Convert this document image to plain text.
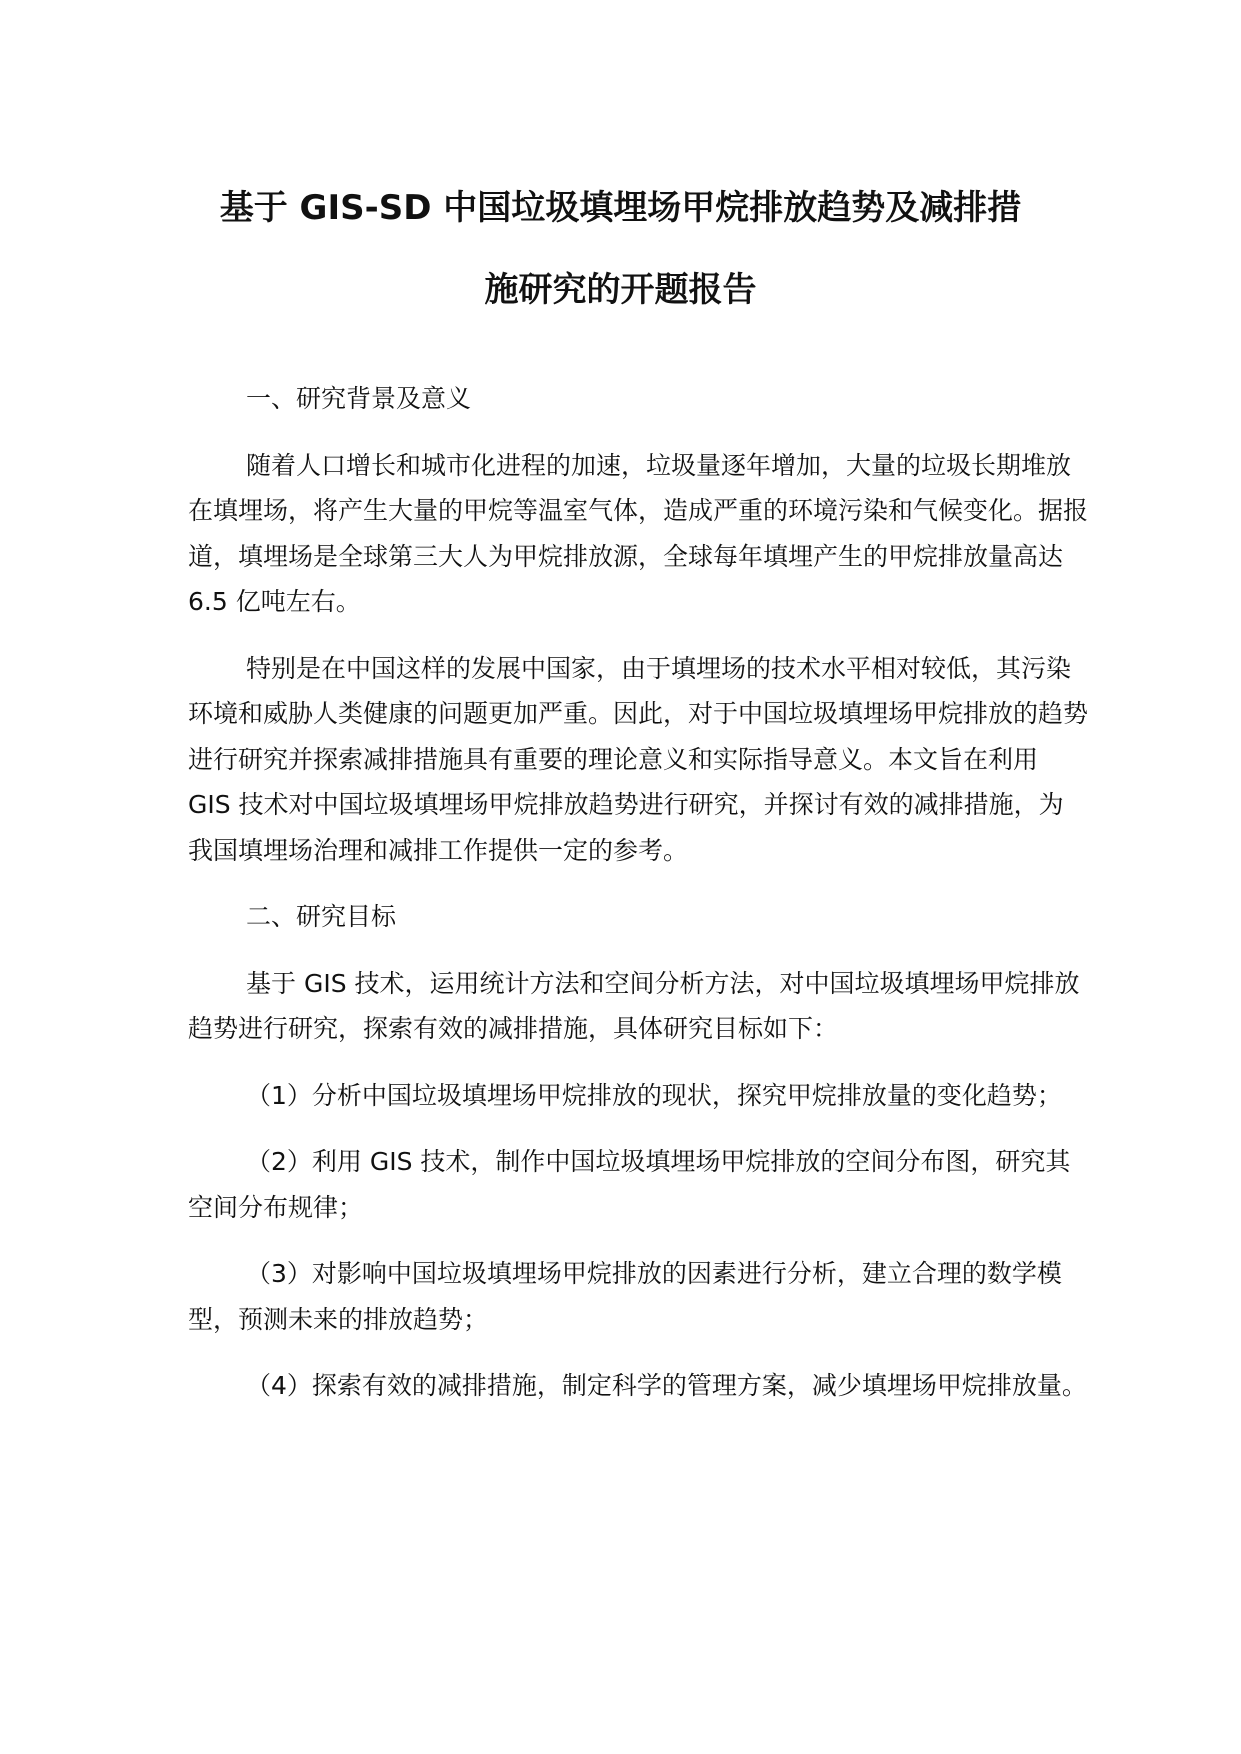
基于 GIS-SD 中国垃圾填埋场甲烷排放趋势及减排措
施研究的开题报告

一、研究背景及意义

随着人口增长和城市化进程的加速，垃圾量逐年增加，大量的垃圾长期堆放在填埋场，将产生大量的甲烷等温室气体，造成严重的环境污染和气候变化。据报道，填埋场是全球第三大人为甲烷排放源，全球每年填埋产生的甲烷排放量高达 6.5 亿吨左右。

特别是在中国这样的发展中国家，由于填埋场的技术水平相对较低，其污染环境和威胁人类健康的问题更加严重。因此，对于中国垃圾填埋场甲烷排放的趋势进行研究并探索减排措施具有重要的理论意义和实际指导意义。本文旨在利用 GIS 技术对中国垃圾填埋场甲烷排放趋势进行研究，并探讨有效的减排措施，为我国填埋场治理和减排工作提供一定的参考。

二、研究目标

基于 GIS 技术，运用统计方法和空间分析方法，对中国垃圾填埋场甲烷排放趋势进行研究，探索有效的减排措施，具体研究目标如下：

（1）分析中国垃圾填埋场甲烷排放的现状，探究甲烷排放量的变化趋势；

（2）利用 GIS 技术，制作中国垃圾填埋场甲烷排放的空间分布图，研究其空间分布规律；

（3）对影响中国垃圾填埋场甲烷排放的因素进行分析，建立合理的数学模型，预测未来的排放趋势；

（4）探索有效的减排措施，制定科学的管理方案，减少填埋场甲烷排放量。
